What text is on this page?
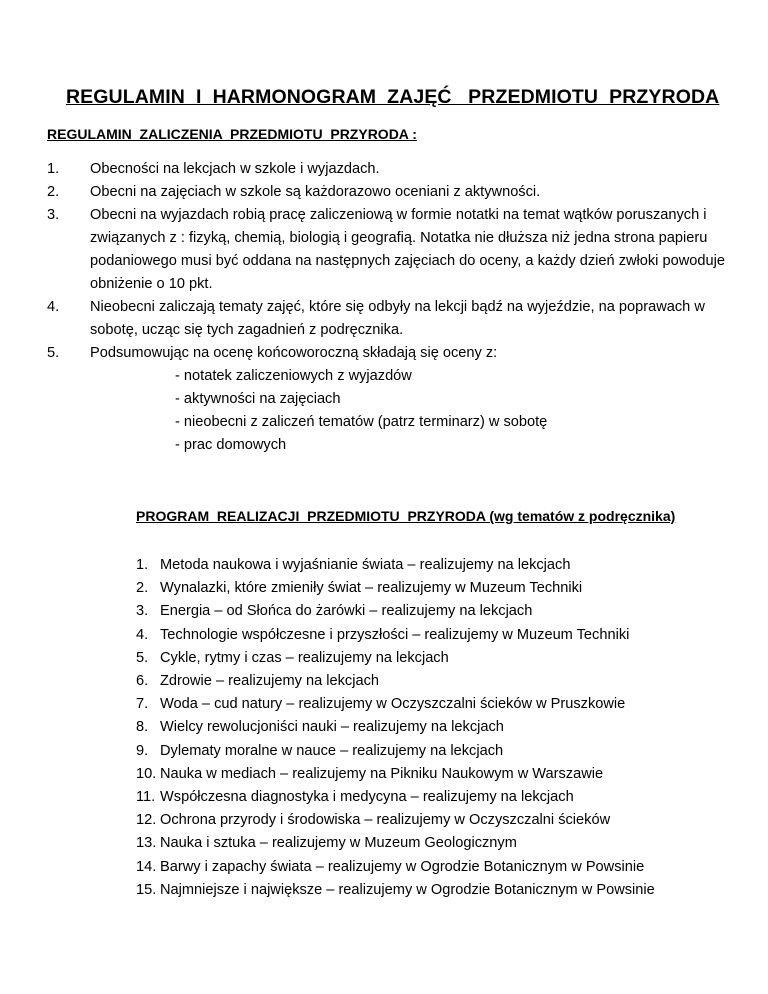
REGULAMIN  I  HARMONOGRAM  ZAJĘĆ   PRZEDMIOTU  PRZYRODA
REGULAMIN  ZALICZENIA  PRZEDMIOTU  PRZYRODA :
1.	Obecności na lekcjach w szkole i wyjazdach.
2.	Obecni na zajęciach w szkole są każdorazowo oceniani z aktywności.
3.	Obecni na wyjazdach robią pracę zaliczeniową w formie notatki na temat wątków poruszanych i związanych z : fizyką, chemią, biologią i geografią. Notatka nie dłuższa niż jedna strona papieru podaniowego musi być oddana na następnych zajęciach do oceny, a każdy dzień zwłoki powoduje obniżenie o 10 pkt.
4.	Nieobecni zaliczają tematy zajęć, które się odbyły na lekcji bądź na wyjeździe, na poprawach w sobotę, ucząc się tych zagadnień z podręcznika.
5.	Podsumowując na ocenę końcoworoczną składają się oceny z:
- notatek zaliczeniowych z wyjazdów
- aktywności na zajęciach
- nieobecni z zaliczeń tematów (patrz terminarz) w sobotę
- prac domowych
PROGRAM  REALIZACJI  PRZEDMIOTU  PRZYRODA (wg tematów z podręcznika)
1. Metoda naukowa i wyjaśnianie świata – realizujemy na lekcjach
2. Wynalazki, które zmieniły świat – realizujemy w Muzeum Techniki
3. Energia – od Słońca do żarówki – realizujemy na lekcjach
4. Technologie współczesne i przyszłości – realizujemy w Muzeum Techniki
5. Cykle, rytmy i czas – realizujemy na lekcjach
6. Zdrowie – realizujemy na lekcjach
7. Woda – cud natury – realizujemy w Oczyszczalni ścieków w Pruszkowie
8. Wielcy rewolucjoniści nauki – realizujemy na lekcjach
9. Dylematy moralne w nauce – realizujemy na lekcjach
10. Nauka w mediach – realizujemy na Pikniku Naukowym w Warszawie
11. Współczesna diagnostyka i medycyna – realizujemy na lekcjach
12. Ochrona przyrody i środowiska – realizujemy w Oczyszczalni ścieków
13. Nauka i sztuka – realizujemy w Muzeum Geologicznym
14. Barwy i zapachy świata – realizujemy w Ogrodzie Botanicznym w Powsinie
15. Najmniejsze i największe – realizujemy w Ogrodzie Botanicznym w Powsinie
